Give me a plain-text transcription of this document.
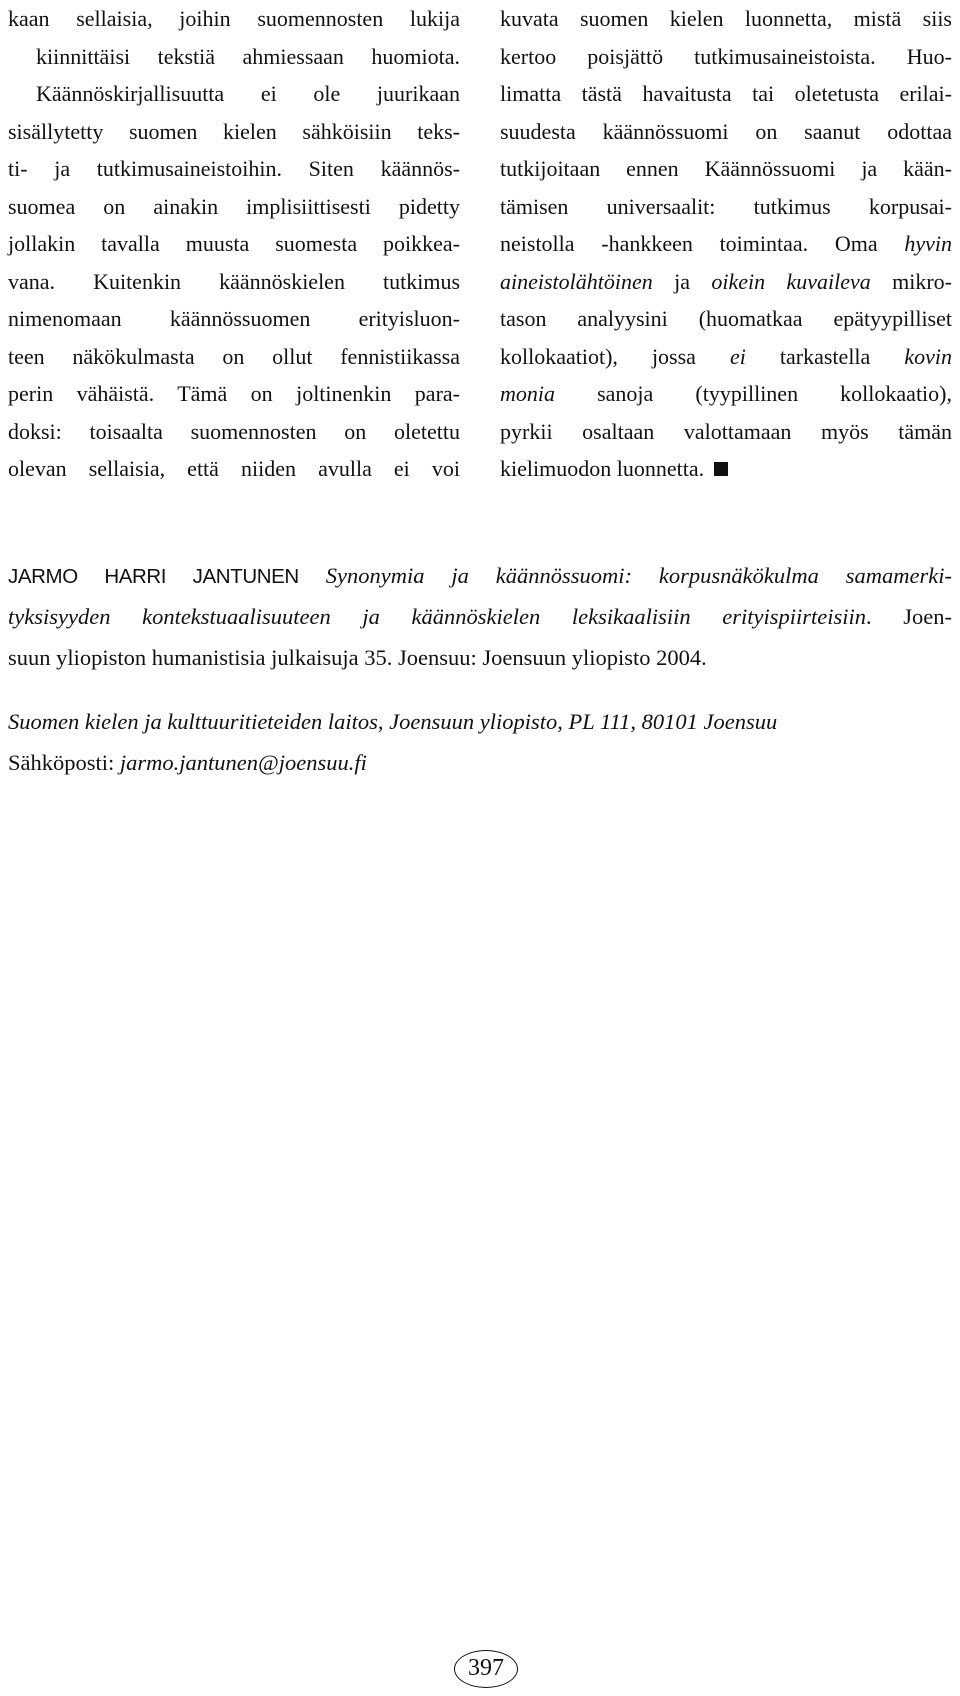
kaan sellaisia, joihin suomennosten lukija
kiinnittäisi tekstiä ahmiessaan huomiota.
Käännöskirjallisuutta ei ole juurikaan
sisällytetty suomen kielen sähköisiin teks-
ti- ja tutkimusaineistoihin. Siten käännös-
suomea on ainakin implisiittisesti pidetty
jollakin tavalla muusta suomesta poikkea-
vana. Kuitenkin käännöskielen tutkimus
nimenomaan käännössuomen erityisluon-
teen näkökulmasta on ollut fennistiikassa
perin vähäistä. Tämä on joltinenkin para-
doksi: toisaalta suomennosten on oletettu
olevan sellaisia, että niiden avulla ei voi
kuvata suomen kielen luonnetta, mistä siis
kertoo poisjättö tutkimusaineistoista. Huo-
limatta tästä havaitusta tai oletetusta erilai-
suudesta käännössuomi on saanut odottaa
tutkijoitaan ennen Käännössuomi ja kään-
tämisen universaalit: tutkimus korpusai-
neistolla -hankkeen toimintaa. Oma hyvin
aineistolähtöinen ja oikein kuvaileva mikro-
tason analyysini (huomatkaa epätyypilliset
kollokaatiot), jossa ei tarkastella kovin
monia sanoja (tyypillinen kollokaatio),
pyrkii osaltaan valottamaan myös tämän
kielimuodon luonnetta.
JARMO HARRI JANTUNEN Synonymia ja käännössuomi: korpusnäkökulma samamerki-
tyksisyyden kontekstuaalisuuteen ja käännöskielen leksikaalisiin erityispiirteisiin. Joen-
suun yliopiston humanistisia julkaisuja 35. Joensuu: Joensuun yliopisto 2004.
Suomen kielen ja kulttuuritieteiden laitos, Joensuun yliopisto, PL 111, 80101 Joensuu
Sähköposti: jarmo.jantunen@joensuu.fi
397
